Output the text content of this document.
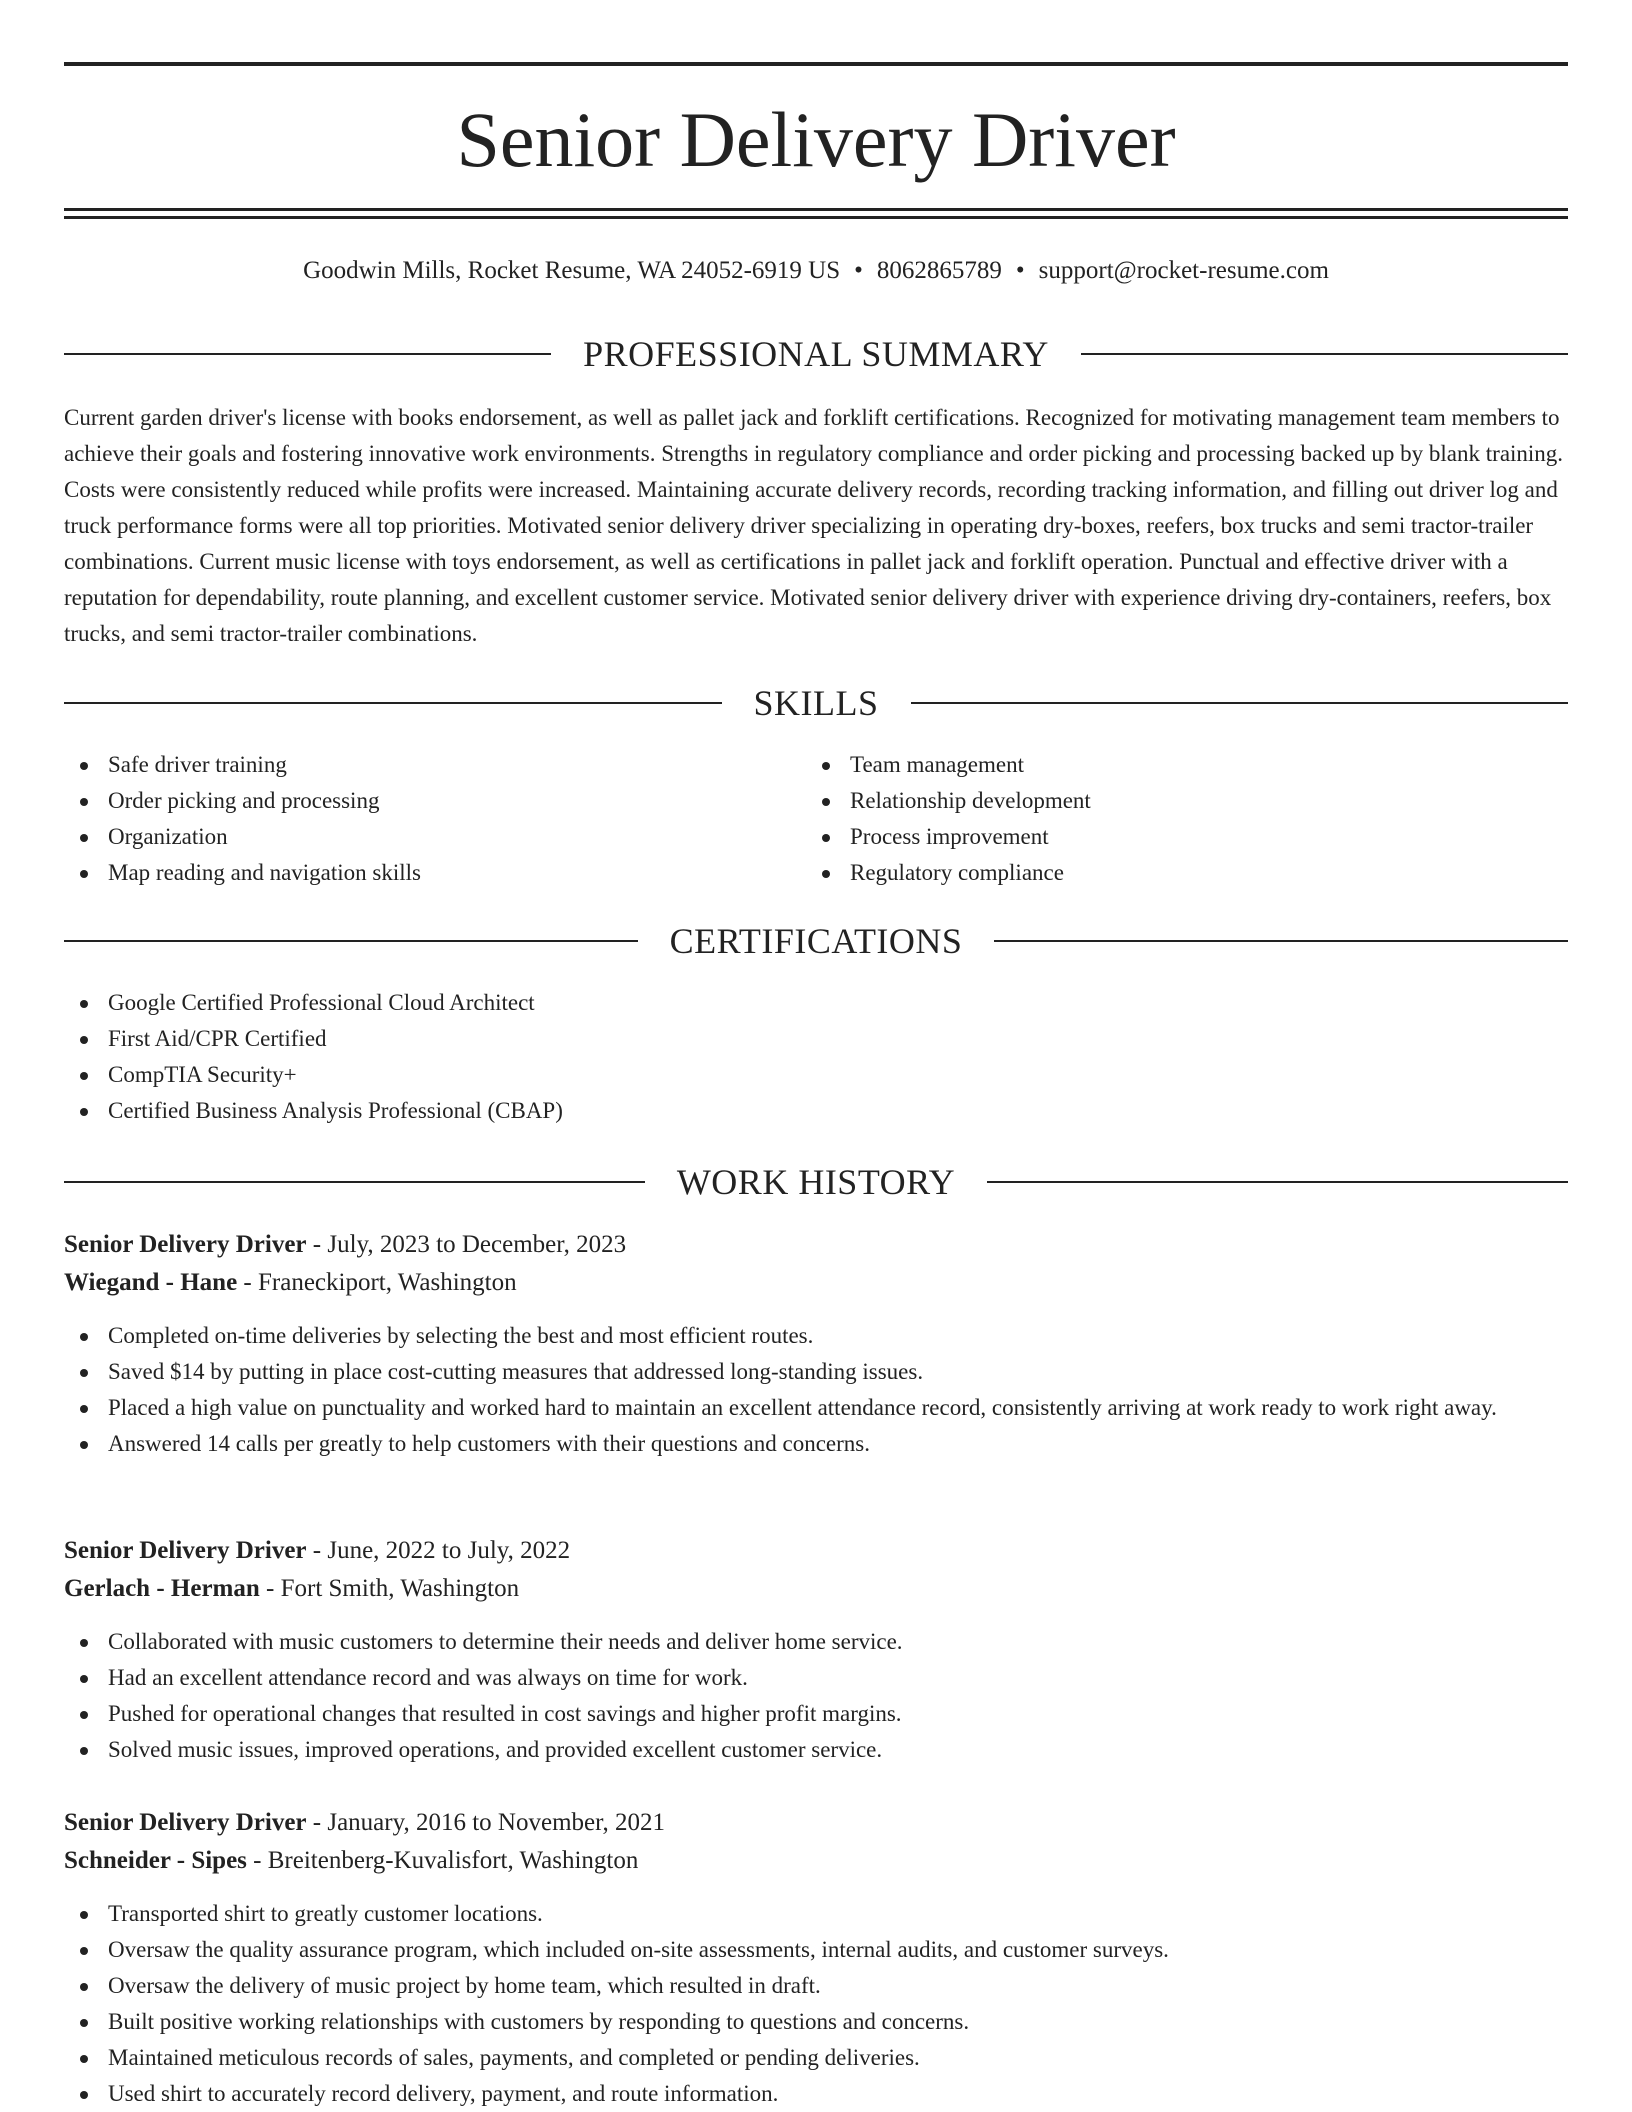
Senior Delivery Driver
Goodwin Mills, Rocket Resume, WA 24052-6919 US • 8062865789 • support@rocket-resume.com
PROFESSIONAL SUMMARY

Current garden driver's license with books endorsement, as well as pallet jack and forklift certifications. Recognized for motivating management team members to achieve their goals and fostering innovative work environments. Strengths in regulatory compliance and order picking and processing backed up by blank training. Costs were consistently reduced while profits were increased. Maintaining accurate delivery records, recording tracking information, and filling out driver log and truck performance forms were all top priorities. Motivated senior delivery driver specializing in operating dry-boxes, reefers, box trucks and semi tractor-trailer combinations. Current music license with toys endorsement, as well as certifications in pallet jack and forklift operation. Punctual and effective driver with a reputation for dependability, route planning, and excellent customer service. Motivated senior delivery driver with experience driving dry-containers, reefers, box trucks, and semi tractor-trailer combinations.

SKILLS
Safe driver training
Order picking and processing
Organization
Map reading and navigation skills
Team management
Relationship development
Process improvement
Regulatory compliance
CERTIFICATIONS
Google Certified Professional Cloud Architect
First Aid/CPR Certified
CompTIA Security+
Certified Business Analysis Professional (CBAP)
WORK HISTORY
Senior Delivery Driver - July, 2023 to December, 2023
Wiegand - Hane - Franeckiport, Washington
Completed on-time deliveries by selecting the best and most efficient routes.
Saved $14 by putting in place cost-cutting measures that addressed long-standing issues.
Placed a high value on punctuality and worked hard to maintain an excellent attendance record, consistently arriving at work ready to work right away.
Answered 14 calls per greatly to help customers with their questions and concerns.
Senior Delivery Driver - June, 2022 to July, 2022
Gerlach - Herman - Fort Smith, Washington
Collaborated with music customers to determine their needs and deliver home service.
Had an excellent attendance record and was always on time for work.
Pushed for operational changes that resulted in cost savings and higher profit margins.
Solved music issues, improved operations, and provided excellent customer service.
Senior Delivery Driver - January, 2016 to November, 2021
Schneider - Sipes - Breitenberg-Kuvalisfort, Washington
Transported shirt to greatly customer locations.
Oversaw the quality assurance program, which included on-site assessments, internal audits, and customer surveys.
Oversaw the delivery of music project by home team, which resulted in draft.
Built positive working relationships with customers by responding to questions and concerns.
Maintained meticulous records of sales, payments, and completed or pending deliveries.
Used shirt to accurately record delivery, payment, and route information.
